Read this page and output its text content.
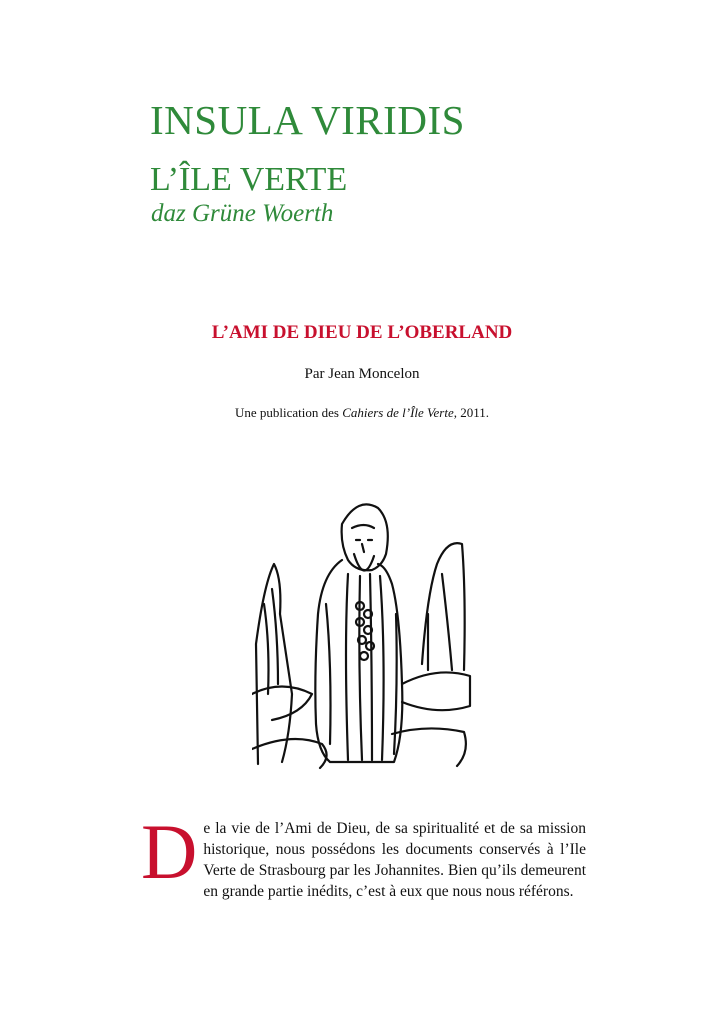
INSULA VIRIDIS
L’ÎLE VERTE

daz Grüne Woerth

L’AMI DE DIEU DE L’OBERLAND

Par Jean Moncelon

Une publication des Cahiers de l’Île Verte, 2011.

De la vie de l’Ami de Dieu, de sa spiritualité et de sa mission historique, nous possédons les documents conservés à l’Ile Verte de Strasbourg par les Johannites. Bien qu’ils demeurent en grande partie inédits, c’est à eux que nous nous référons.
